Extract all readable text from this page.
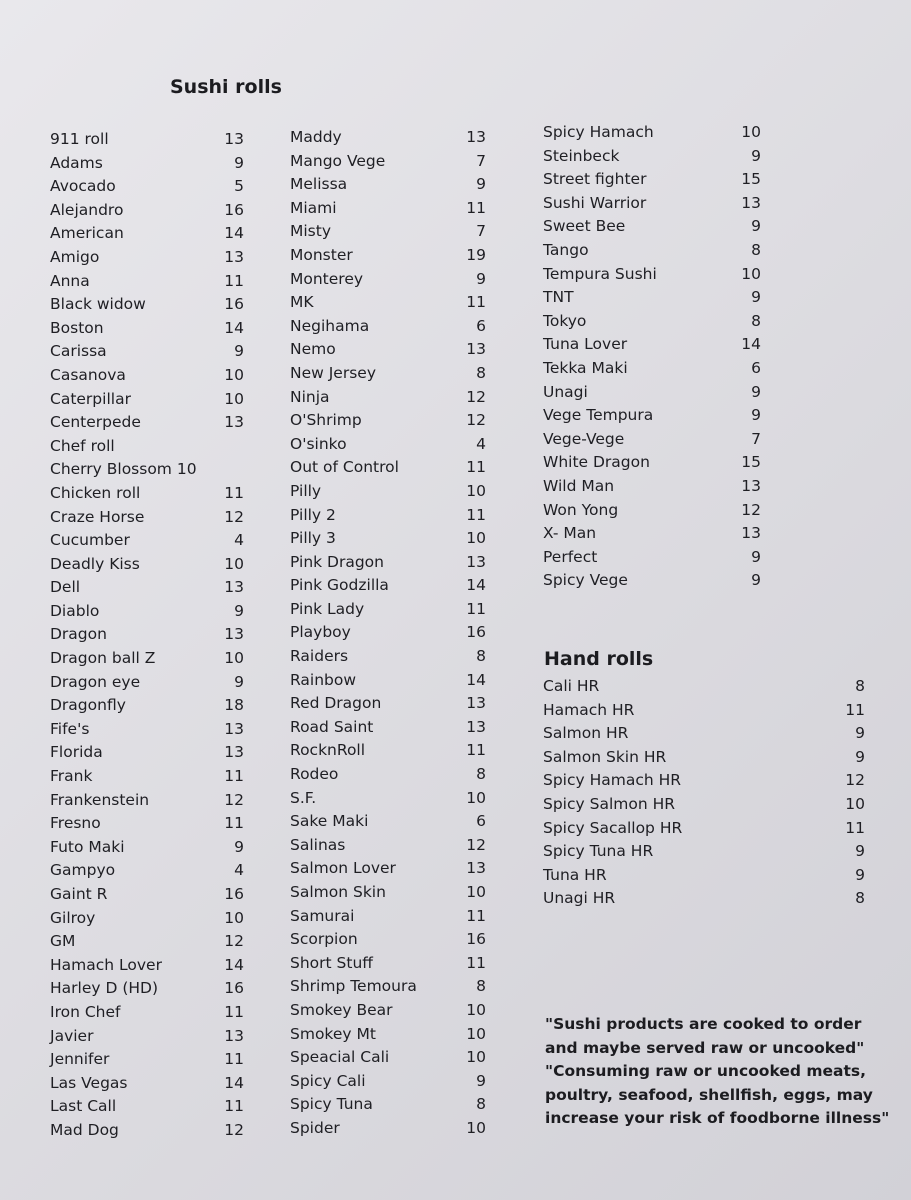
Sushi rolls
911 roll	13
Adams	9
Avocado	5
Alejandro	16
American	14
Amigo	13
Anna	11
Black widow	16
Boston	14
Carissa	9
Casanova	10
Caterpillar	10
Centerpede	13
Chef roll
Cherry Blossom 10
Chicken roll	11
Craze Horse	12
Cucumber	4
Deadly Kiss	10
Dell	13
Diablo	9
Dragon	13
Dragon ball Z	10
Dragon eye	9
Dragonfly	18
Fife's	13
Florida	13
Frank	11
Frankenstein	12
Fresno	11
Futo Maki	9
Gampyo	4
Gaint R	16
Gilroy	10
GM	12
Hamach Lover	14
Harley D (HD)	16
Iron Chef	11
Javier	13
Jennifer	11
Las Vegas	14
Last Call	11
Mad Dog	12
Maddy	13
Mango Vege	7
Melissa	9
Miami	11
Misty	7
Monster	19
Monterey	9
MK	11
Negihama	6
Nemo	13
New Jersey	8
Ninja	12
O'Shrimp	12
O'sinko	4
Out of Control	11
Pilly	10
Pilly 2	11
Pilly 3	10
Pink Dragon	13
Pink Godzilla	14
Pink Lady	11
Playboy	16
Raiders	8
Rainbow	14
Red Dragon	13
Road Saint	13
RocknRoll	11
Rodeo	8
S.F.	10
Sake Maki	6
Salinas	12
Salmon Lover	13
Salmon Skin	10
Samurai	11
Scorpion	16
Short Stuff	11
Shrimp Temoura	8
Smokey Bear	10
Smokey Mt	10
Speacial Cali	10
Spicy Cali	9
Spicy Tuna	8
Spider	10
Spicy Hamach	10
Steinbeck	9
Street fighter	15
Sushi Warrior	13
Sweet Bee	9
Tango	8
Tempura Sushi	10
TNT	9
Tokyo	8
Tuna Lover	14
Tekka Maki	6
Unagi	9
Vege Tempura	9
Vege-Vege	7
White Dragon	15
Wild Man	13
Won Yong	12
X- Man	13
Perfect	9
Spicy Vege	9
Hand rolls
Cali HR	8
Hamach HR	11
Salmon HR	9
Salmon Skin HR	9
Spicy Hamach HR	12
Spicy Salmon HR	10
Spicy Sacallop HR	11
Spicy Tuna HR	9
Tuna HR	9
Unagi HR	8
"Sushi products are cooked to order
and maybe served raw or uncooked"
"Consuming raw or uncooked meats,
poultry, seafood, shellfish, eggs, may
increase your risk of foodborne illness"
